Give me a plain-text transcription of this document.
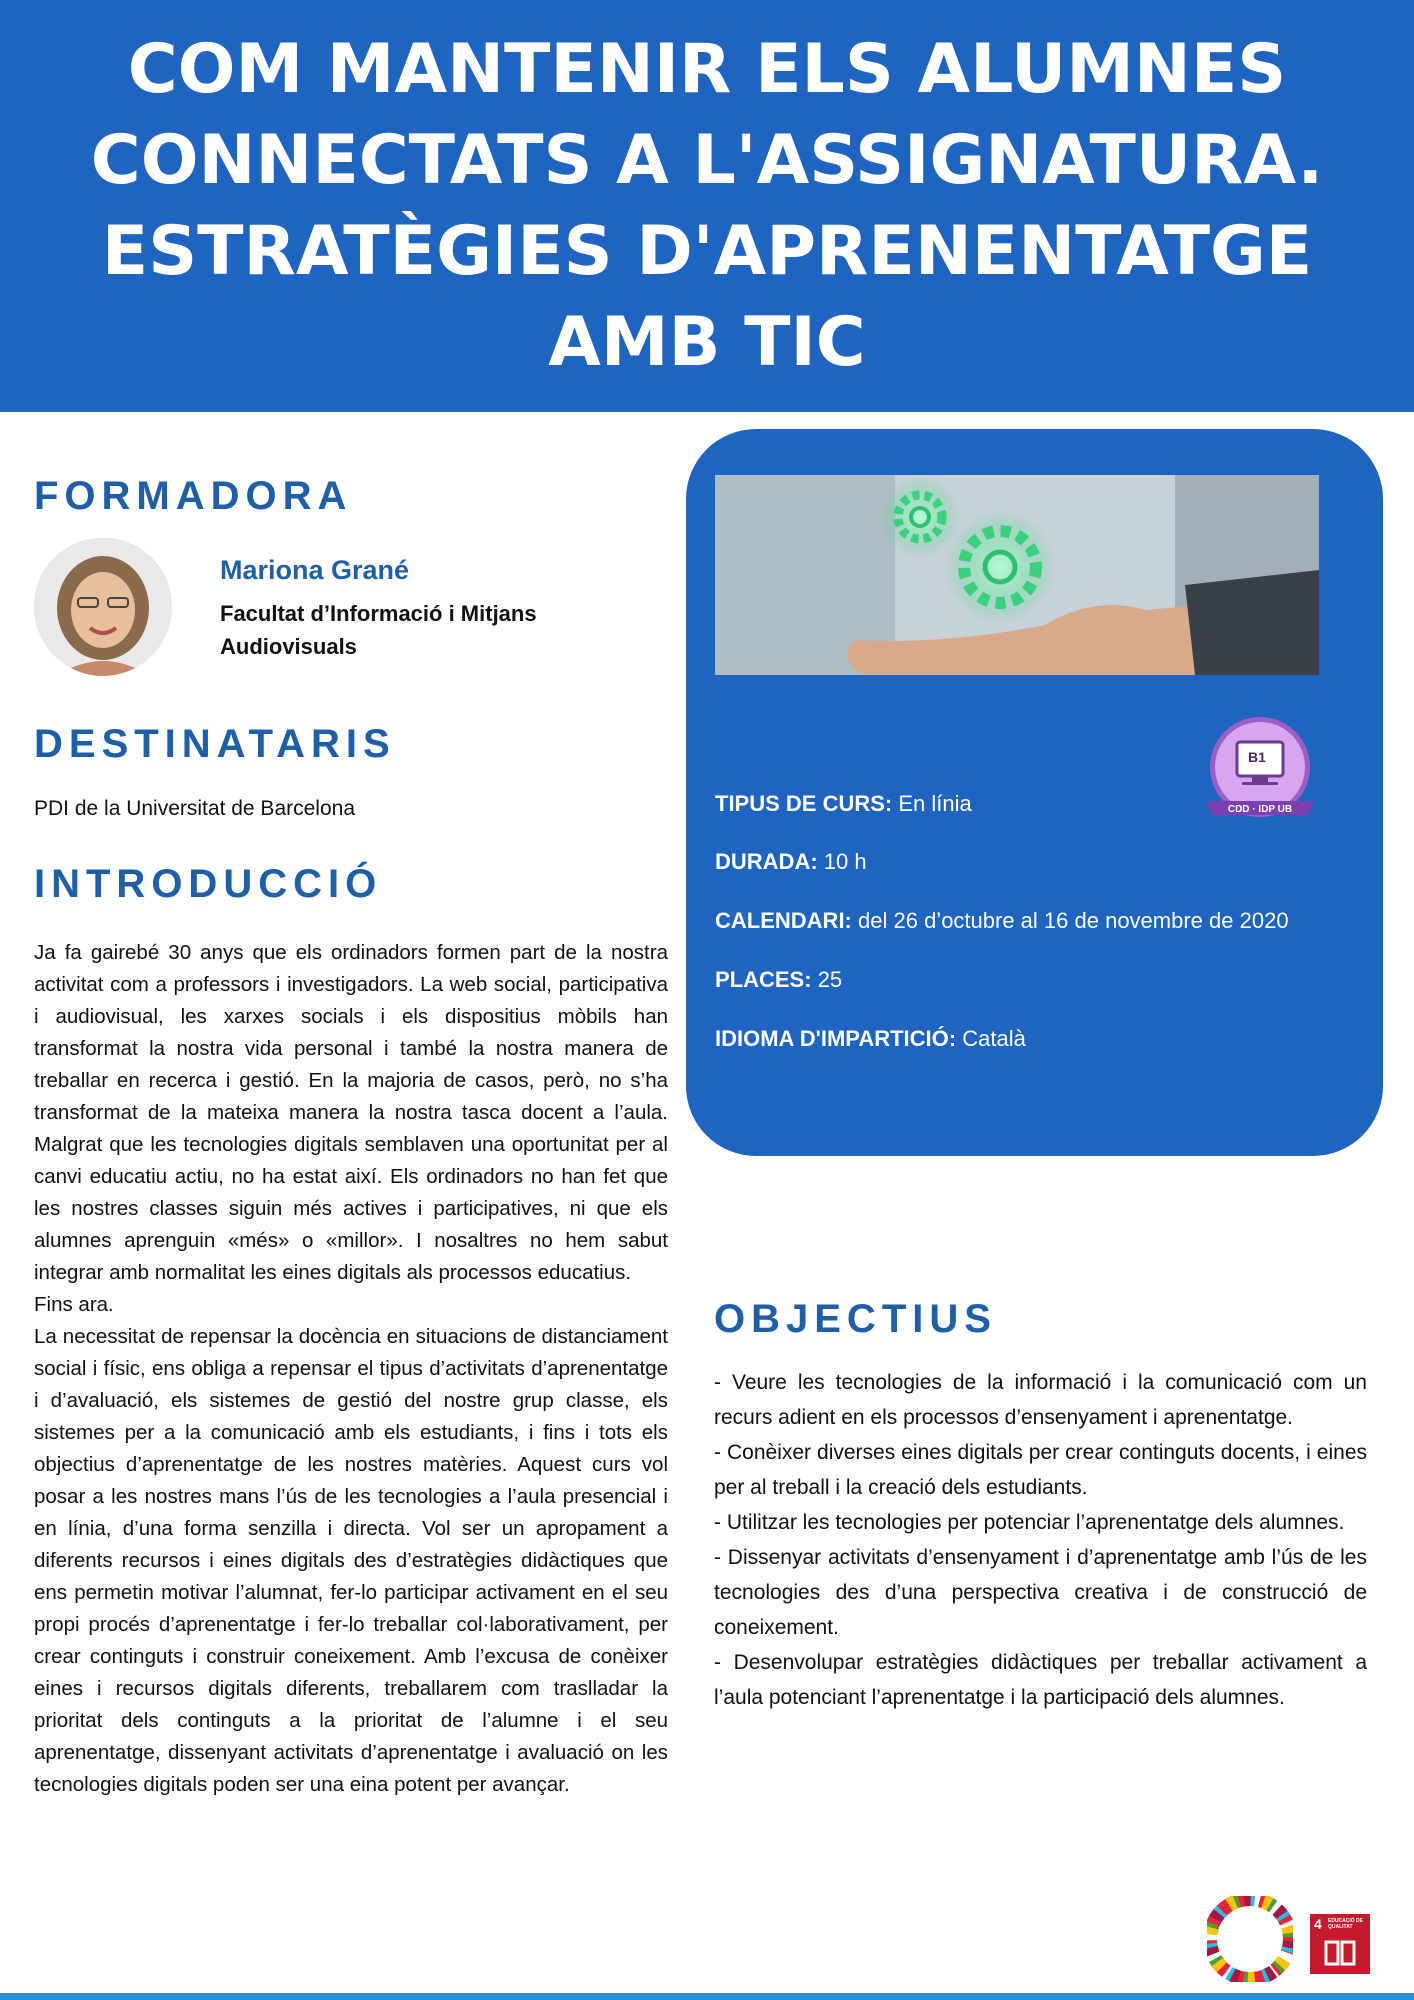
COM MANTENIR ELS ALUMNES CONNECTATS A L'ASSIGNATURA. ESTRATÈGIES D'APRENENTATGE AMB TIC
FORMADORA
Mariona Grané
Facultat d’Informació i Mitjans Audiovisuals
DESTINATARIS
PDI de la Universitat de Barcelona
INTRODUCCIÓ

Ja fa gairebé 30 anys que els ordinadors formen part de la nostra activitat com a professors i investigadors. La web social, participativa i audiovisual, les xarxes socials i els dispositius mòbils han transformat la nostra vida personal i també la nostra manera de treballar en recerca i gestió. En la majoria de casos, però, no s’ha transformat de la mateixa manera la nostra tasca docent a l’aula. Malgrat que les tecnologies digitals semblaven una oportunitat per al canvi educatiu actiu, no ha estat així. Els ordinadors no han fet que les nostres classes siguin més actives i participatives, ni que els alumnes aprenguin «més» o «millor». I nosaltres no hem sabut integrar amb normalitat les eines digitals als processos educatius.

Fins ara.

La necessitat de repensar la docència en situacions de distanciament social i físic, ens obliga a repensar el tipus d’activitats d’aprenentatge i d’avaluació, els sistemes de gestió del nostre grup classe, els sistemes per a la comunicació amb els estudiants, i fins i tots els objectius d’aprenentatge de les nostres matèries. Aquest curs vol posar a les nostres mans l’ús de les tecnologies a l’aula presencial i en línia, d’una forma senzilla i directa. Vol ser un apropament a diferents recursos i eines digitals des d’estratègies didàctiques que ens permetin motivar l’alumnat, fer-lo participar activament en el seu propi procés d’aprenentatge i fer-lo treballar col·laborativament, per crear continguts i construir coneixement. Amb l’excusa de conèixer eines i recursos digitals diferents, treballarem com traslladar la prioritat dels continguts a la prioritat de l’alumne i el seu aprenentatge, dissenyant activitats d’aprenentatge i avaluació on les tecnologies digitals poden ser una eina potent per avançar.

B1
CDD · IDP UB
TIPUS DE CURS: En línia
DURADA: 10 h
CALENDARI: del 26 d’octubre al 16 de novembre de 2020
PLACES: 25
IDIOMA D'IMPARTICIÓ: Català
OBJECTIUS

- Veure les tecnologies de la informació i la comunicació com un recurs adient en els processos d’ensenyament i aprenentatge.

- Conèixer diverses eines digitals per crear continguts docents, i eines per al treball i la creació dels estudiants.

- Utilitzar les tecnologies per potenciar l’aprenentatge dels alumnes.

- Dissenyar activitats d’ensenyament i d’aprenentatge amb l’ús de les tecnologies des d’una perspectiva creativa i de construcció de coneixement.

- Desenvolupar estratègies didàctiques per treballar activament a l’aula potenciant l’aprenentatge i la participació dels alumnes.

4 EDUCACIÓ DE QUALITAT
